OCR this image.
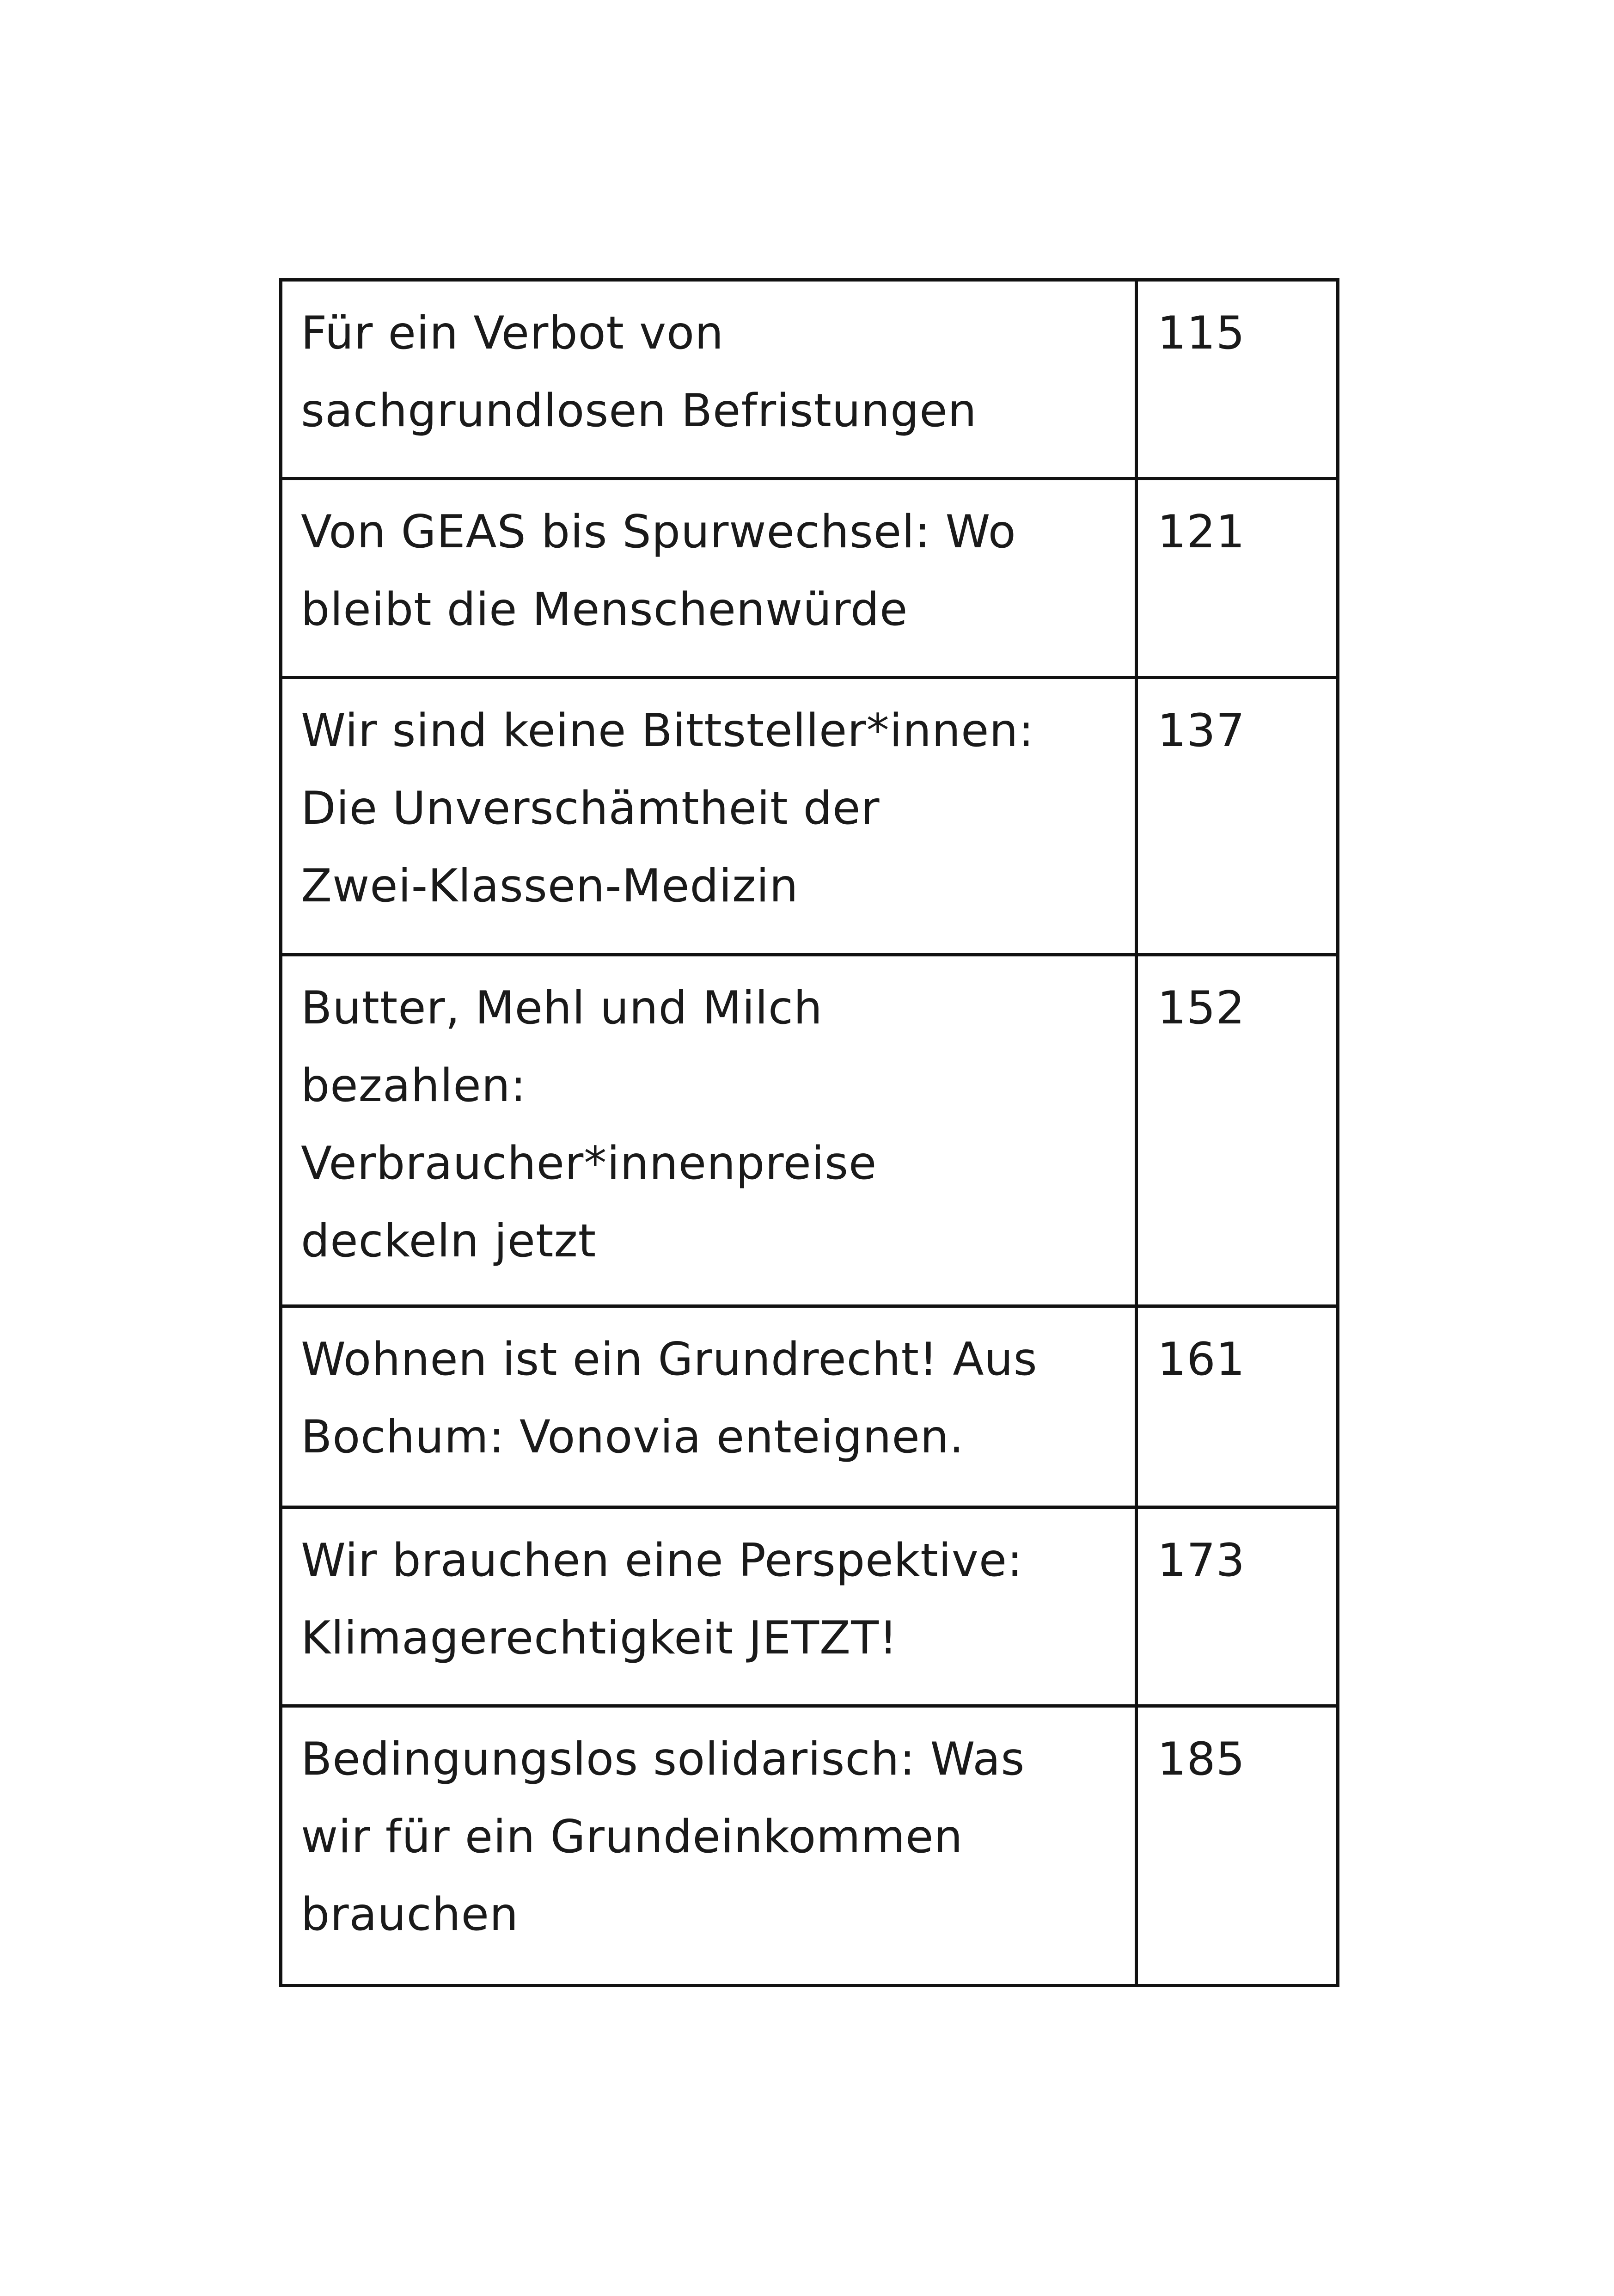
Für ein Verbot von
sachgrundlosen Befristungen	115
Von GEAS bis Spurwechsel: Wo
bleibt die Menschenwürde	121
Wir sind keine Bittsteller*innen:
Die Unverschämtheit der
Zwei-Klassen-Medizin	137
Butter, Mehl und Milch
bezahlen:
Verbraucher*innenpreise
deckeln jetzt	152
Wohnen ist ein Grundrecht! Aus
Bochum: Vonovia enteignen.	161
Wir brauchen eine Perspektive:
Klimagerechtigkeit JETZT!	173
Bedingungslos solidarisch: Was
wir für ein Grundeinkommen
brauchen	185
